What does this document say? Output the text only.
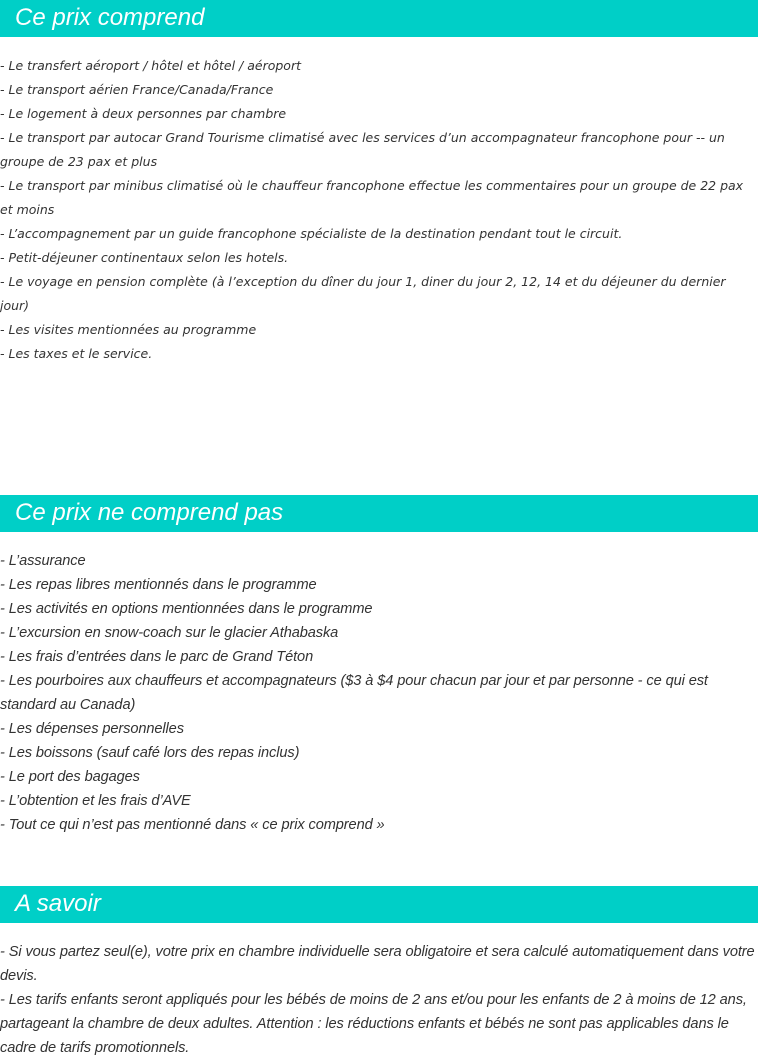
Ce prix comprend
- Le transfert aéroport / hôtel et hôtel / aéroport
- Le transport aérien France/Canada/France
- Le logement à deux personnes par chambre
- Le transport par autocar Grand Tourisme climatisé avec les services d’un accompagnateur francophone pour -- un groupe de 23 pax et plus
- Le transport par minibus climatisé où le chauffeur francophone effectue les commentaires pour un groupe de 22 pax et moins
- L’accompagnement par un guide francophone spécialiste de la destination pendant tout le circuit.
- Petit-déjeuner continentaux selon les hotels.
- Le voyage en pension complète (à l’exception du dîner du jour 1, diner du jour 2, 12, 14 et du déjeuner du dernier jour)
- Les visites mentionnées au programme
- Les taxes et le service.
Ce prix ne comprend pas
- L’assurance
- Les repas libres mentionnés dans le programme
- Les activités en options mentionnées dans le programme
- L’excursion en snow-coach sur le glacier Athabaska
- Les frais d’entrées dans le parc de Grand Téton
- Les pourboires aux chauffeurs et accompagnateurs ($3 à $4 pour chacun par jour et par personne - ce qui est standard au Canada)
- Les dépenses personnelles
- Les boissons (sauf café lors des repas inclus)
- Le port des bagages
- L’obtention et les frais d’AVE
- Tout ce qui n’est pas mentionné dans « ce prix comprend »
A savoir
- Si vous partez seul(e), votre prix en chambre individuelle sera obligatoire et sera calculé automatiquement dans votre devis.
- Les tarifs enfants seront appliqués pour les bébés de moins de 2 ans et/ou pour les enfants de 2 à moins de 12 ans, partageant la chambre de deux adultes. Attention : les réductions enfants et bébés ne sont pas applicables dans le cadre de tarifs promotionnels.
